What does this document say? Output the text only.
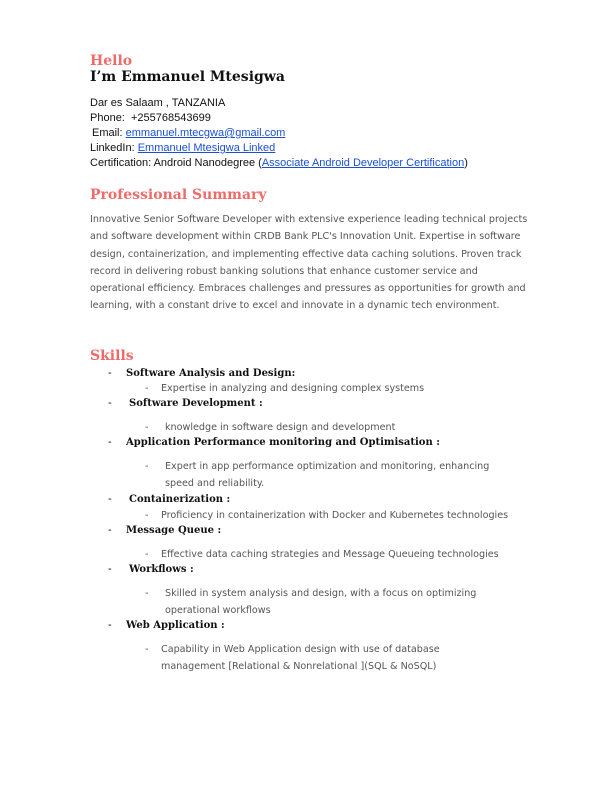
Hello
I’m Emmanuel Mtesigwa
Dar es Salaam , TANZANIA
Phone: +255768543699
Email: emmanuel.mtecgwa@gmail.com
LinkedIn: Emmanuel Mtesigwa Linked
Certification: Android Nanodegree (Associate Android Developer Certification)
Professional Summary
Innovative Senior Software Developer with extensive experience leading technical projects and software development within CRDB Bank PLC's Innovation Unit. Expertise in software design, containerization, and implementing effective data caching solutions. Proven track record in delivering robust banking solutions that enhance customer service and operational efficiency. Embraces challenges and pressures as opportunities for growth and learning, with a constant drive to excel and innovate in a dynamic tech environment.
Skills
- Software Analysis and Design:
- Expertise in analyzing and designing complex systems
- Software Development :
- knowledge in software design and development
- Application Performance monitoring and Optimisation :
- Expert in app performance optimization and monitoring, enhancing speed and reliability.
- Containerization :
- Proficiency in containerization with Docker and Kubernetes technologies
- Message Queue :
- Effective data caching strategies and Message Queueing technologies
- Workflows :
- Skilled in system analysis and design, with a focus on optimizing operational workflows
- Web Application :
- Capability in Web Application design with use of database management [Relational & Nonrelational ](SQL & NoSQL)
